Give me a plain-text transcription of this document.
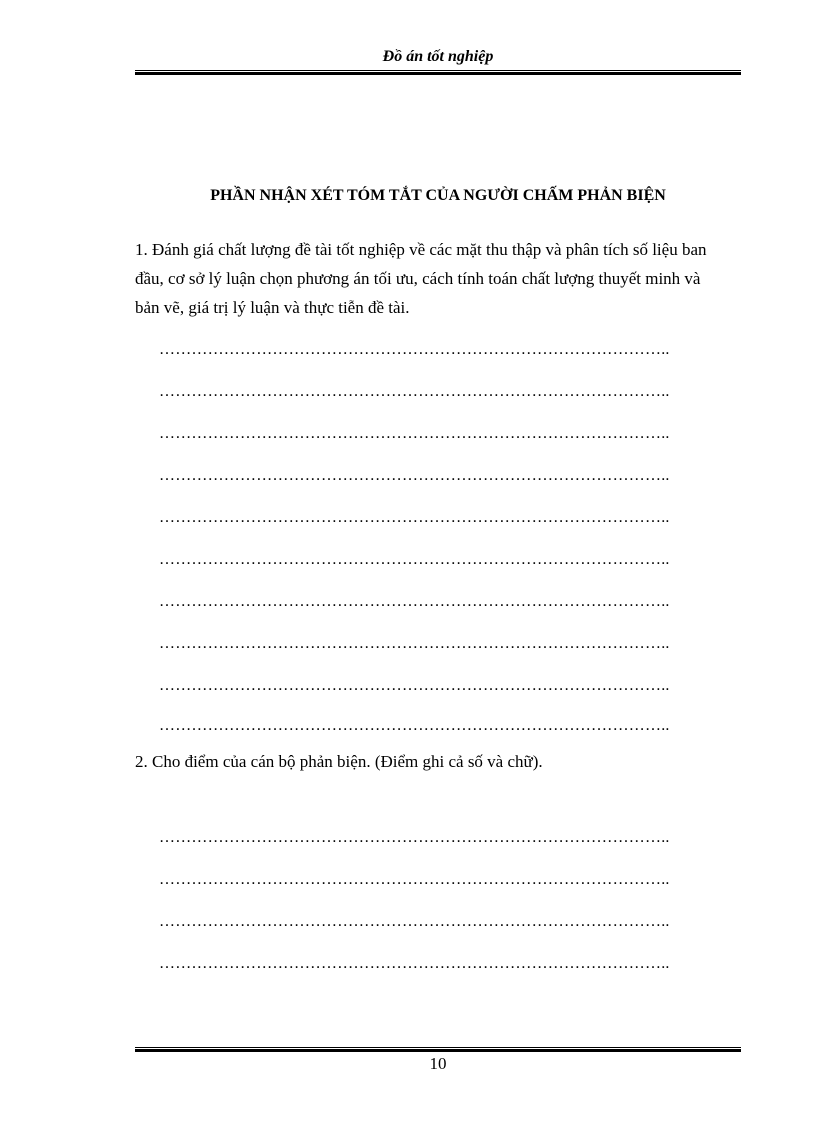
Đồ án tốt nghiệp
PHẦN NHẬN XÉT TÓM TẮT CỦA NGƯỜI CHẤM PHẢN BIỆN
1. Đánh giá chất lượng đề tài tốt nghiệp về các mặt thu thập và phân tích số liệu ban đầu, cơ sở lý luận chọn phương án tối ưu, cách tính toán chất lượng thuyết minh và bản vẽ, giá trị lý luận và thực tiễn đề tài.
…………………………………………………………………………………..
…………………………………………………………………………………..
…………………………………………………………………………………..
…………………………………………………………………………………..
…………………………………………………………………………………..
…………………………………………………………………………………..
…………………………………………………………………………………..
…………………………………………………………………………………..
…………………………………………………………………………………..
…………………………………………………………………………………..
2. Cho điểm của cán bộ phản biện. (Điểm ghi cả số và chữ).
…………………………………………………………………………………..
…………………………………………………………………………………..
…………………………………………………………………………………..
…………………………………………………………………………………..
10
